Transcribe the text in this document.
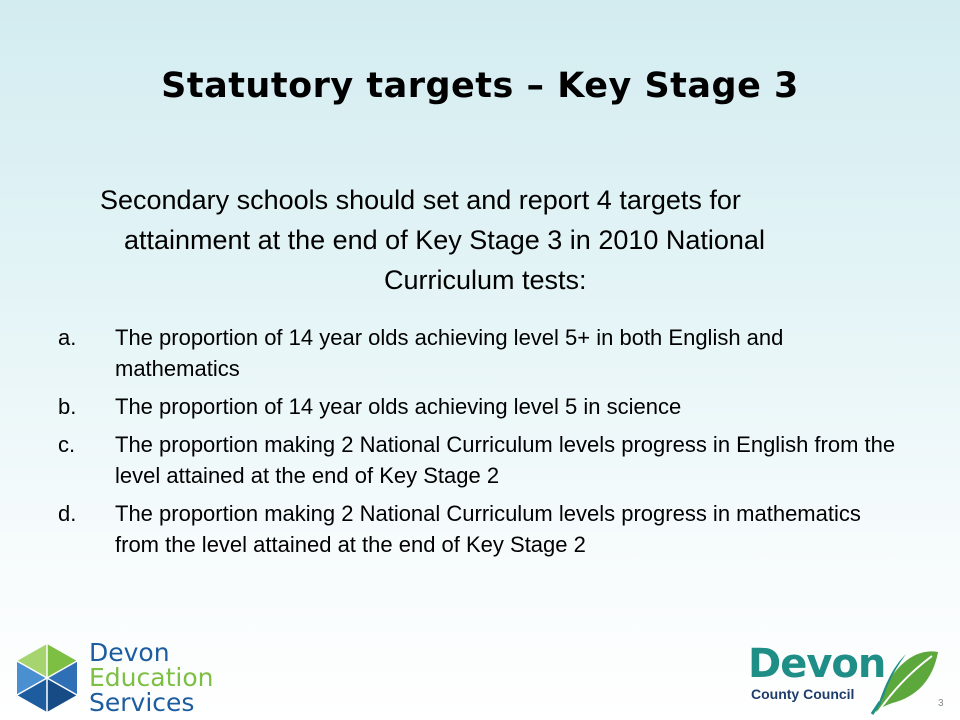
Statutory targets – Key Stage 3
Secondary schools should set and report 4 targets for
attainment at the end of Key Stage 3 in 2010 National
Curriculum tests:
a.	The proportion of 14 year olds achieving level 5+ in both English and mathematics
b.	The proportion of 14 year olds achieving level 5 in science
c.	The proportion making 2 National Curriculum levels progress in English from the level attained at the end of Key Stage 2
d.	The proportion making 2 National Curriculum levels progress in mathematics from the level attained at the end of Key Stage 2
Devon
Education
Services
Devon
County Council
3
